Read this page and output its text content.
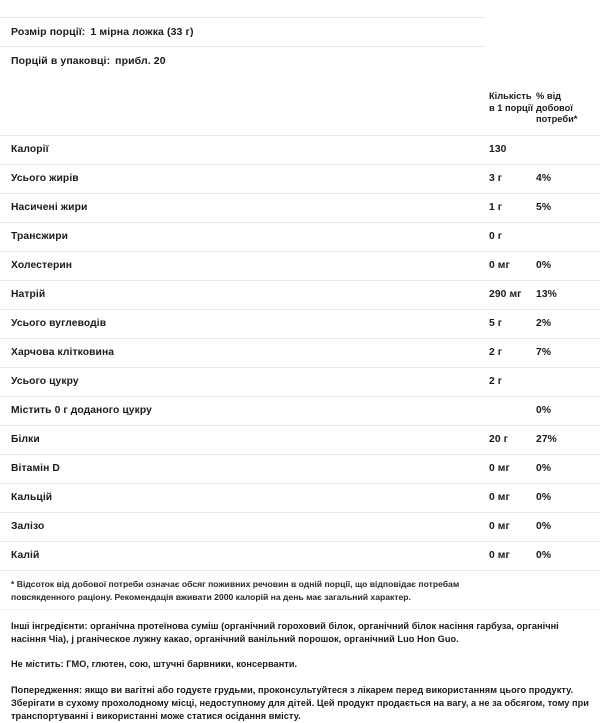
Розмір порції: 1 мірна ложка (33 г)
Порцій в упаковці: прибл. 20
Кількість в 1 порції
% від добової потреби*
Калорії	130	
Усього жирів	3 г	4%
Насичені жири	1 г	5%
Трансжири	0 г	
Холестерин	0 мг	0%
Натрій	290 мг	13%
Усього вуглеводів	5 г	2%
Харчова клітковина	2 г	7%
Усього цукру	2 г	
Містить 0 г доданого цукру		0%
Білки	20 г	27%
Вітамін D	0 мг	0%
Кальцій	0 мг	0%
Залізо	0 мг	0%
Калій	0 мг	0%

* Відсоток від добової потреби означає обсяг поживних речовин в одній порції, що відповідає потребам повсякденного раціону. Рекомендація вживати 2000 калорій на день має загальний характер.

Інші інгредієнти: органічна протеїнова суміш (органічний гороховий білок, органічний білок насіння гарбуза, органічні насіння Чіа), j рганіческое лужну какао, органічний ванільний порошок, органічний Luo Hon Guo.

Не містить: ГМО, глютен, сою, штучні барвники, консерванти.

Попередження: якщо ви вагітні або годуєте грудьми, проконсультуйтеся з лікарем перед використанням цього продукту. Зберігати в сухому прохолодному місці, недоступному для дітей. Цей продукт продається на вагу, а не за обсягом, тому при транспортуванні і використанні може статися осідання вмісту.
